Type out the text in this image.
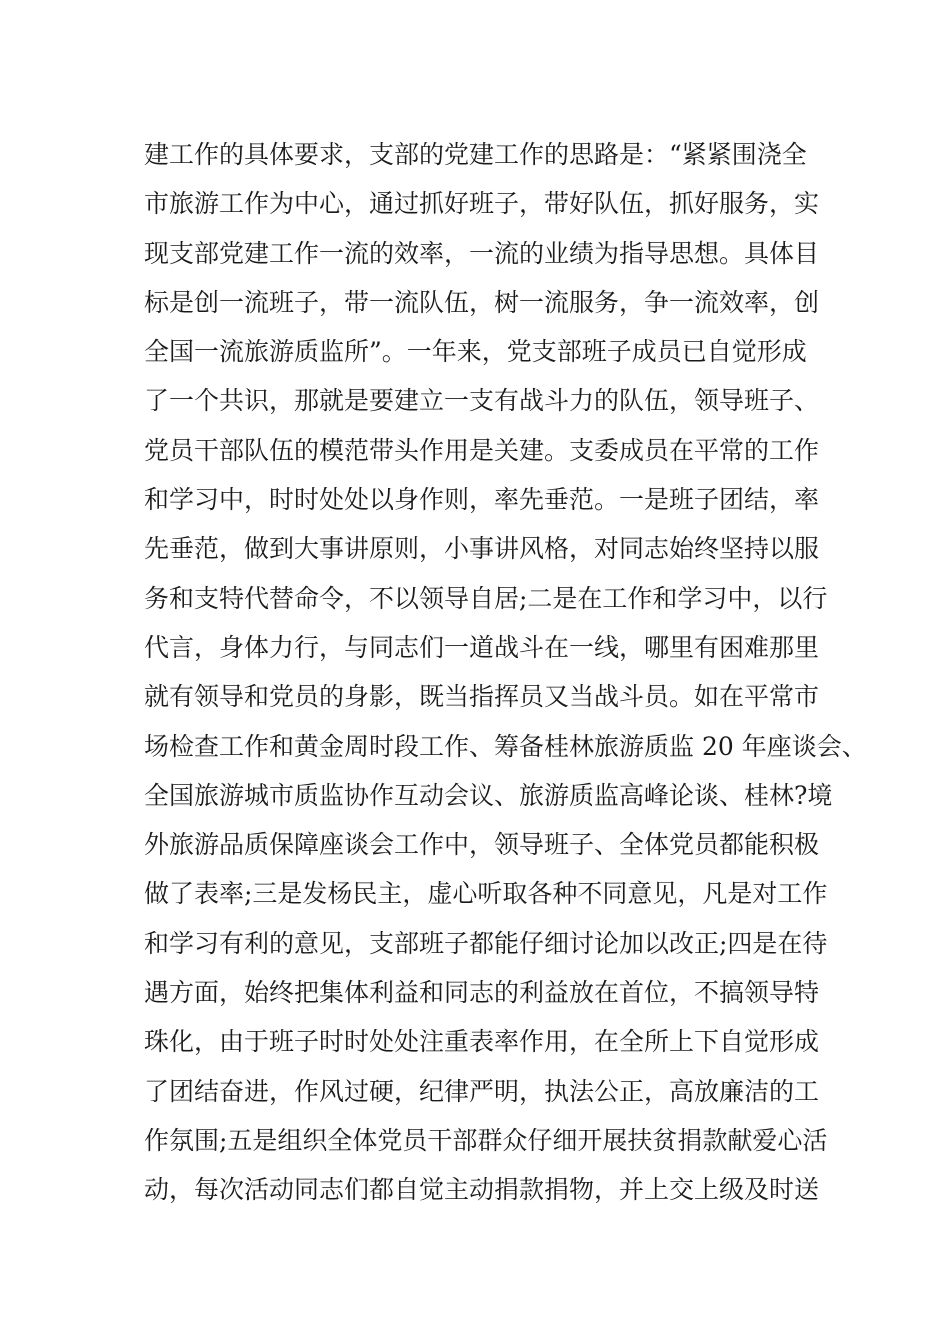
建工作的具体要求，支部的党建工作的思路是：“紧紧围浇全
市旅游工作为中心，通过抓好班子，带好队伍，抓好服务，实
现支部党建工作一流的效率，一流的业绩为指导思想。具体目
标是创一流班子，带一流队伍，树一流服务，争一流效率，创
全国一流旅游质监所”。一年来，党支部班子成员已自觉形成
了一个共识，那就是要建立一支有战斗力的队伍，领导班子、
党员干部队伍的模范带头作用是关建。支委成员在平常的工作
和学习中，时时处处以身作则，率先垂范。一是班子团结，率
先垂范，做到大事讲原则，小事讲风格，对同志始终坚持以服
务和支特代替命令，不以领导自居;二是在工作和学习中，以行
代言，身体力行，与同志们一道战斗在一线，哪里有困难那里
就有领导和党员的身影，既当指挥员又当战斗员。如在平常市
场检查工作和黄金周时段工作、筹备桂林旅游质监 20 年座谈会、
全国旅游城市质监协作互动会议、旅游质监高峰论谈、桂林?境
外旅游品质保障座谈会工作中，领导班子、全体党员都能积极
做了表率;三是发杨民主，虚心听取各种不同意见，凡是对工作
和学习有利的意见，支部班子都能仔细讨论加以改正;四是在待
遇方面，始终把集体利益和同志的利益放在首位，不搞领导特
珠化，由于班子时时处处注重表率作用，在全所上下自觉形成
了团结奋进，作风过硬，纪律严明，执法公正，高放廉洁的工
作氛围;五是组织全体党员干部群众仔细开展扶贫捐款献爱心活
动，每次活动同志们都自觉主动捐款捐物，并上交上级及时送
